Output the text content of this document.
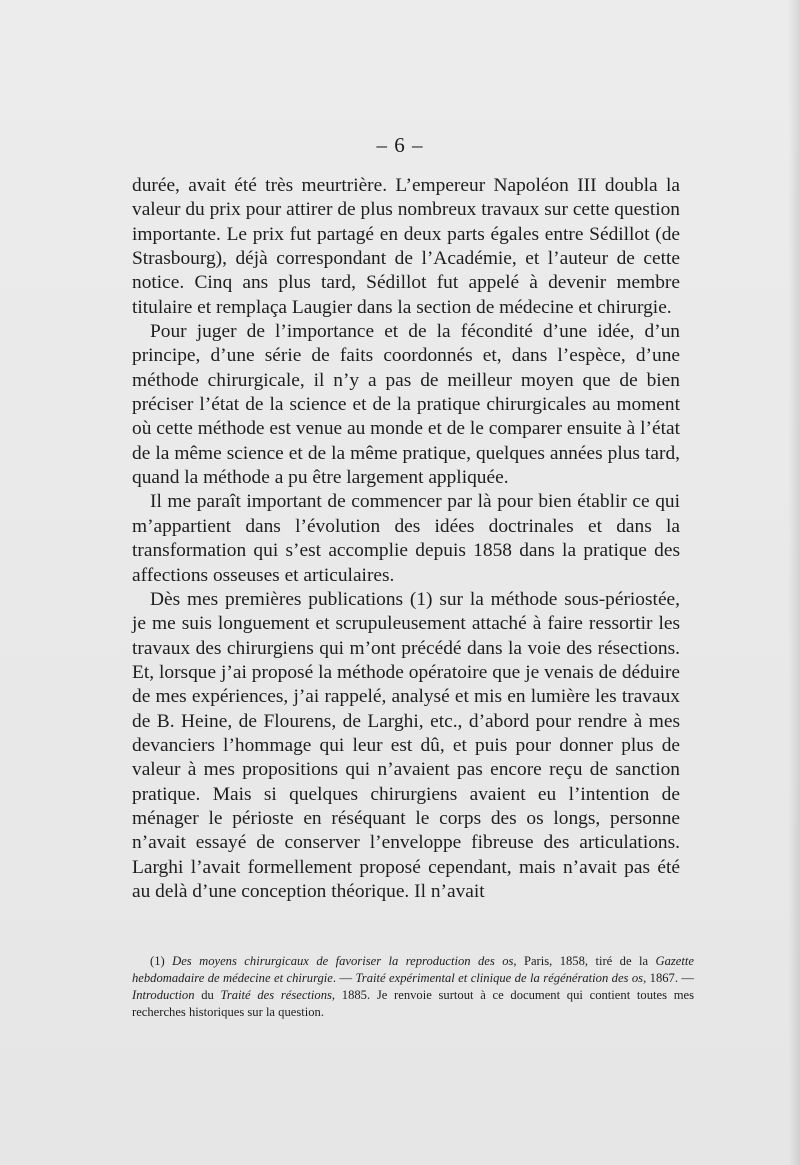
– 6 –

durée, avait été très meurtrière. L’empereur Napoléon III doubla la valeur du prix pour attirer de plus nombreux travaux sur cette question importante. Le prix fut partagé en deux parts égales entre Sédillot (de Strasbourg), déjà correspondant de l’Académie, et l’auteur de cette notice. Cinq ans plus tard, Sédillot fut appelé à devenir membre titulaire et remplaça Laugier dans la section de médecine et chirurgie.

Pour juger de l’importance et de la fécondité d’une idée, d’un principe, d’une série de faits coordonnés et, dans l’espèce, d’une méthode chirurgicale, il n’y a pas de meilleur moyen que de bien préciser l’état de la science et de la pratique chirurgicales au moment où cette méthode est venue au monde et de le comparer ensuite à l’état de la même science et de la même pratique, quelques années plus tard, quand la méthode a pu être largement appliquée.

Il me paraît important de commencer par là pour bien établir ce qui m’appartient dans l’évolution des idées doctrinales et dans la transformation qui s’est accomplie depuis 1858 dans la pratique des affections osseuses et articulaires.

Dès mes premières publications (1) sur la méthode sous-périostée, je me suis longuement et scrupuleusement attaché à faire ressortir les travaux des chirurgiens qui m’ont précédé dans la voie des résections. Et, lorsque j’ai proposé la méthode opératoire que je venais de déduire de mes expériences, j’ai rappelé, analysé et mis en lumière les travaux de B. Heine, de Flourens, de Larghi, etc., d’abord pour rendre à mes devanciers l’hommage qui leur est dû, et puis pour donner plus de valeur à mes propositions qui n’avaient pas encore reçu de sanction pratique. Mais si quelques chirurgiens avaient eu l’intention de ménager le périoste en réséquant le corps des os longs, personne n’avait essayé de conserver l’enveloppe fibreuse des articulations. Larghi l’avait formellement proposé cependant, mais n’avait pas été au delà d’une conception théorique. Il n’avait

(1) Des moyens chirurgicaux de favoriser la reproduction des os, Paris, 1858, tiré de la Gazette hebdomadaire de médecine et chirurgie. — Traité expérimental et clinique de la régénération des os, 1867. — Introduction du Traité des résections, 1885. Je renvoie surtout à ce document qui contient toutes mes recherches historiques sur la question.
